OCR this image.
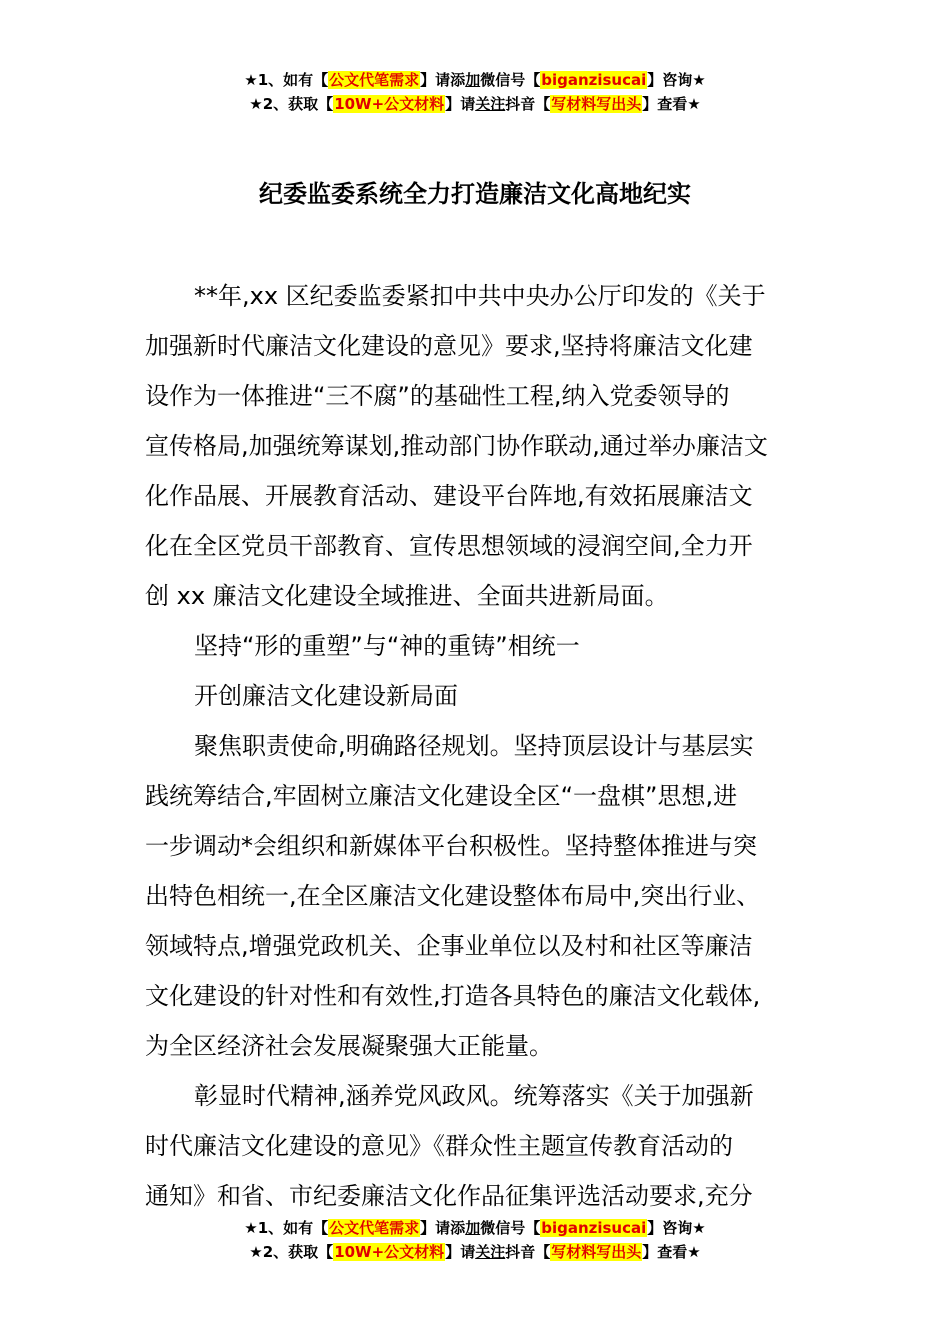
★1、如有【公文代笔需求】请添加微信号【biganzisucai】咨询★
★2、获取【10W+公文材料】请关注抖音【写材料写出头】查看★
纪委监委系统全力打造廉洁文化高地纪实
**年,xx 区纪委监委紧扣中共中央办公厅印发的《关于
加强新时代廉洁文化建设的意见》要求,坚持将廉洁文化建
设作为一体推进“三不腐”的基础性工程,纳入党委领导的
宣传格局,加强统筹谋划,推动部门协作联动,通过举办廉洁文
化作品展、开展教育活动、建设平台阵地,有效拓展廉洁文
化在全区党员干部教育、宣传思想领域的浸润空间,全力开
创 xx 廉洁文化建设全域推进、全面共进新局面。
坚持“形的重塑”与“神的重铸”相统一
开创廉洁文化建设新局面
聚焦职责使命,明确路径规划。坚持顶层设计与基层实
践统筹结合,牢固树立廉洁文化建设全区“一盘棋”思想,进
一步调动*会组织和新媒体平台积极性。坚持整体推进与突
出特色相统一,在全区廉洁文化建设整体布局中,突出行业、
领域特点,增强党政机关、企事业单位以及村和社区等廉洁
文化建设的针对性和有效性,打造各具特色的廉洁文化载体,
为全区经济社会发展凝聚强大正能量。
彰显时代精神,涵养党风政风。统筹落实《关于加强新
时代廉洁文化建设的意见》《群众性主题宣传教育活动的
通知》和省、市纪委廉洁文化作品征集评选活动要求,充分
★1、如有【公文代笔需求】请添加微信号【biganzisucai】咨询★
★2、获取【10W+公文材料】请关注抖音【写材料写出头】查看★
